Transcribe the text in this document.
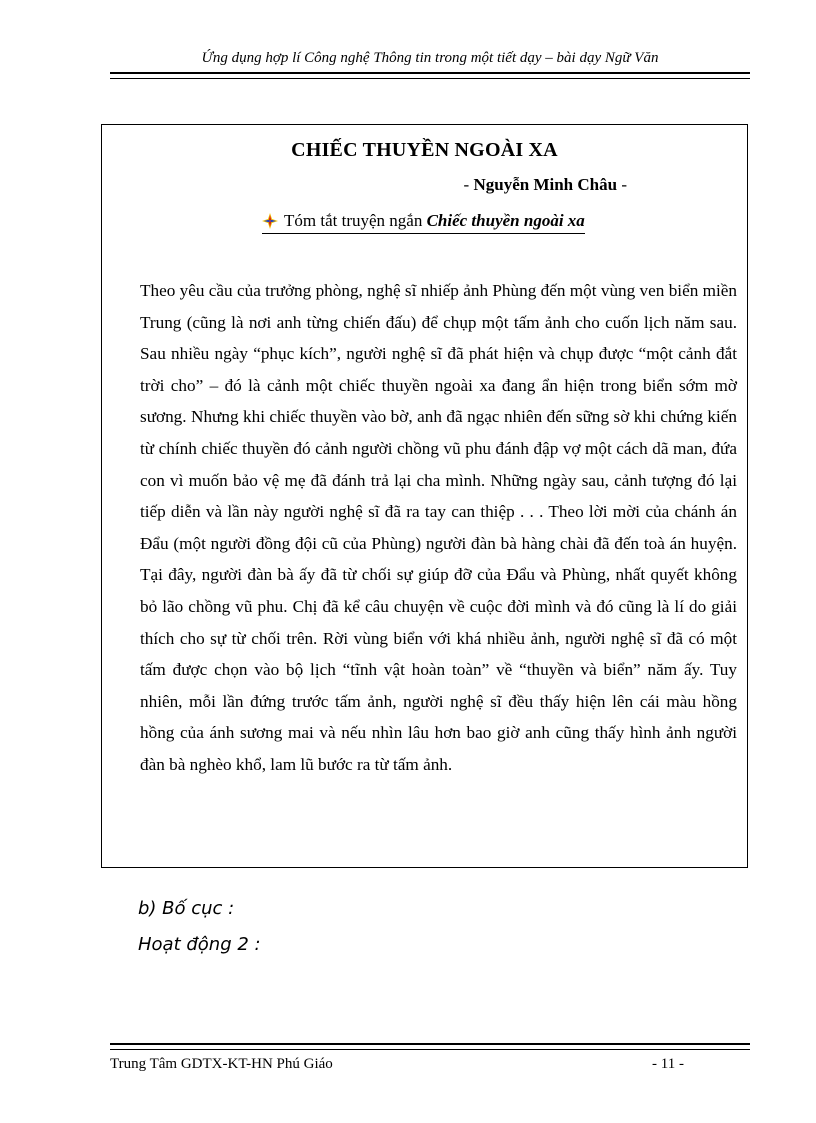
Ứng dụng hợp lí Công nghệ Thông tin trong một tiết dạy – bài dạy Ngữ Văn
CHIẾC THUYỀN NGOÀI XA
- Nguyễn Minh Châu -
Tóm tắt truyện ngắn Chiếc thuyền ngoài xa

Theo yêu cầu của trưởng phòng, nghệ sĩ nhiếp ảnh Phùng đến một vùng ven biển miền Trung (cũng là nơi anh từng chiến đấu) để chụp một tấm ảnh cho cuốn lịch năm sau. Sau nhiều ngày “phục kích”, người nghệ sĩ đã phát hiện và chụp được “một cảnh đắt trời cho” – đó là cảnh một chiếc thuyền ngoài xa đang ẩn hiện trong biển sớm mờ sương. Nhưng khi chiếc thuyền vào bờ, anh đã ngạc nhiên đến sững sờ khi chứng kiến từ chính chiếc thuyền đó cảnh người chồng vũ phu đánh đập vợ một cách dã man, đứa con vì muốn bảo vệ mẹ đã đánh trả lại cha mình. Những ngày sau, cảnh tượng đó lại tiếp diễn và lần này người nghệ sĩ đã ra tay can thiệp . . . Theo lời mời của chánh án Đẩu (một người đồng đội cũ của Phùng) người đàn bà hàng chài đã đến toà án huyện. Tại đây, người đàn bà ấy đã từ chối sự giúp đỡ của Đẩu và Phùng, nhất quyết không bỏ lão chồng vũ phu. Chị đã kể câu chuyện về cuộc đời mình và đó cũng là lí do giải thích cho sự từ chối trên. Rời vùng biển với khá nhiều ảnh, người nghệ sĩ đã có một tấm được chọn vào bộ lịch “tĩnh vật hoàn toàn” về “thuyền và biển” năm ấy. Tuy nhiên, mỗi lần đứng trước tấm ảnh, người nghệ sĩ đều thấy hiện lên cái màu hồng hồng của ánh sương mai và nếu nhìn lâu hơn bao giờ anh cũng thấy hình ảnh người đàn bà nghèo khổ, lam lũ bước ra từ tấm ảnh.

b) Bố cục :
Hoạt động 2 :
Trung Tâm GDTX-KT-HN Phú Giáo	- 11 -
